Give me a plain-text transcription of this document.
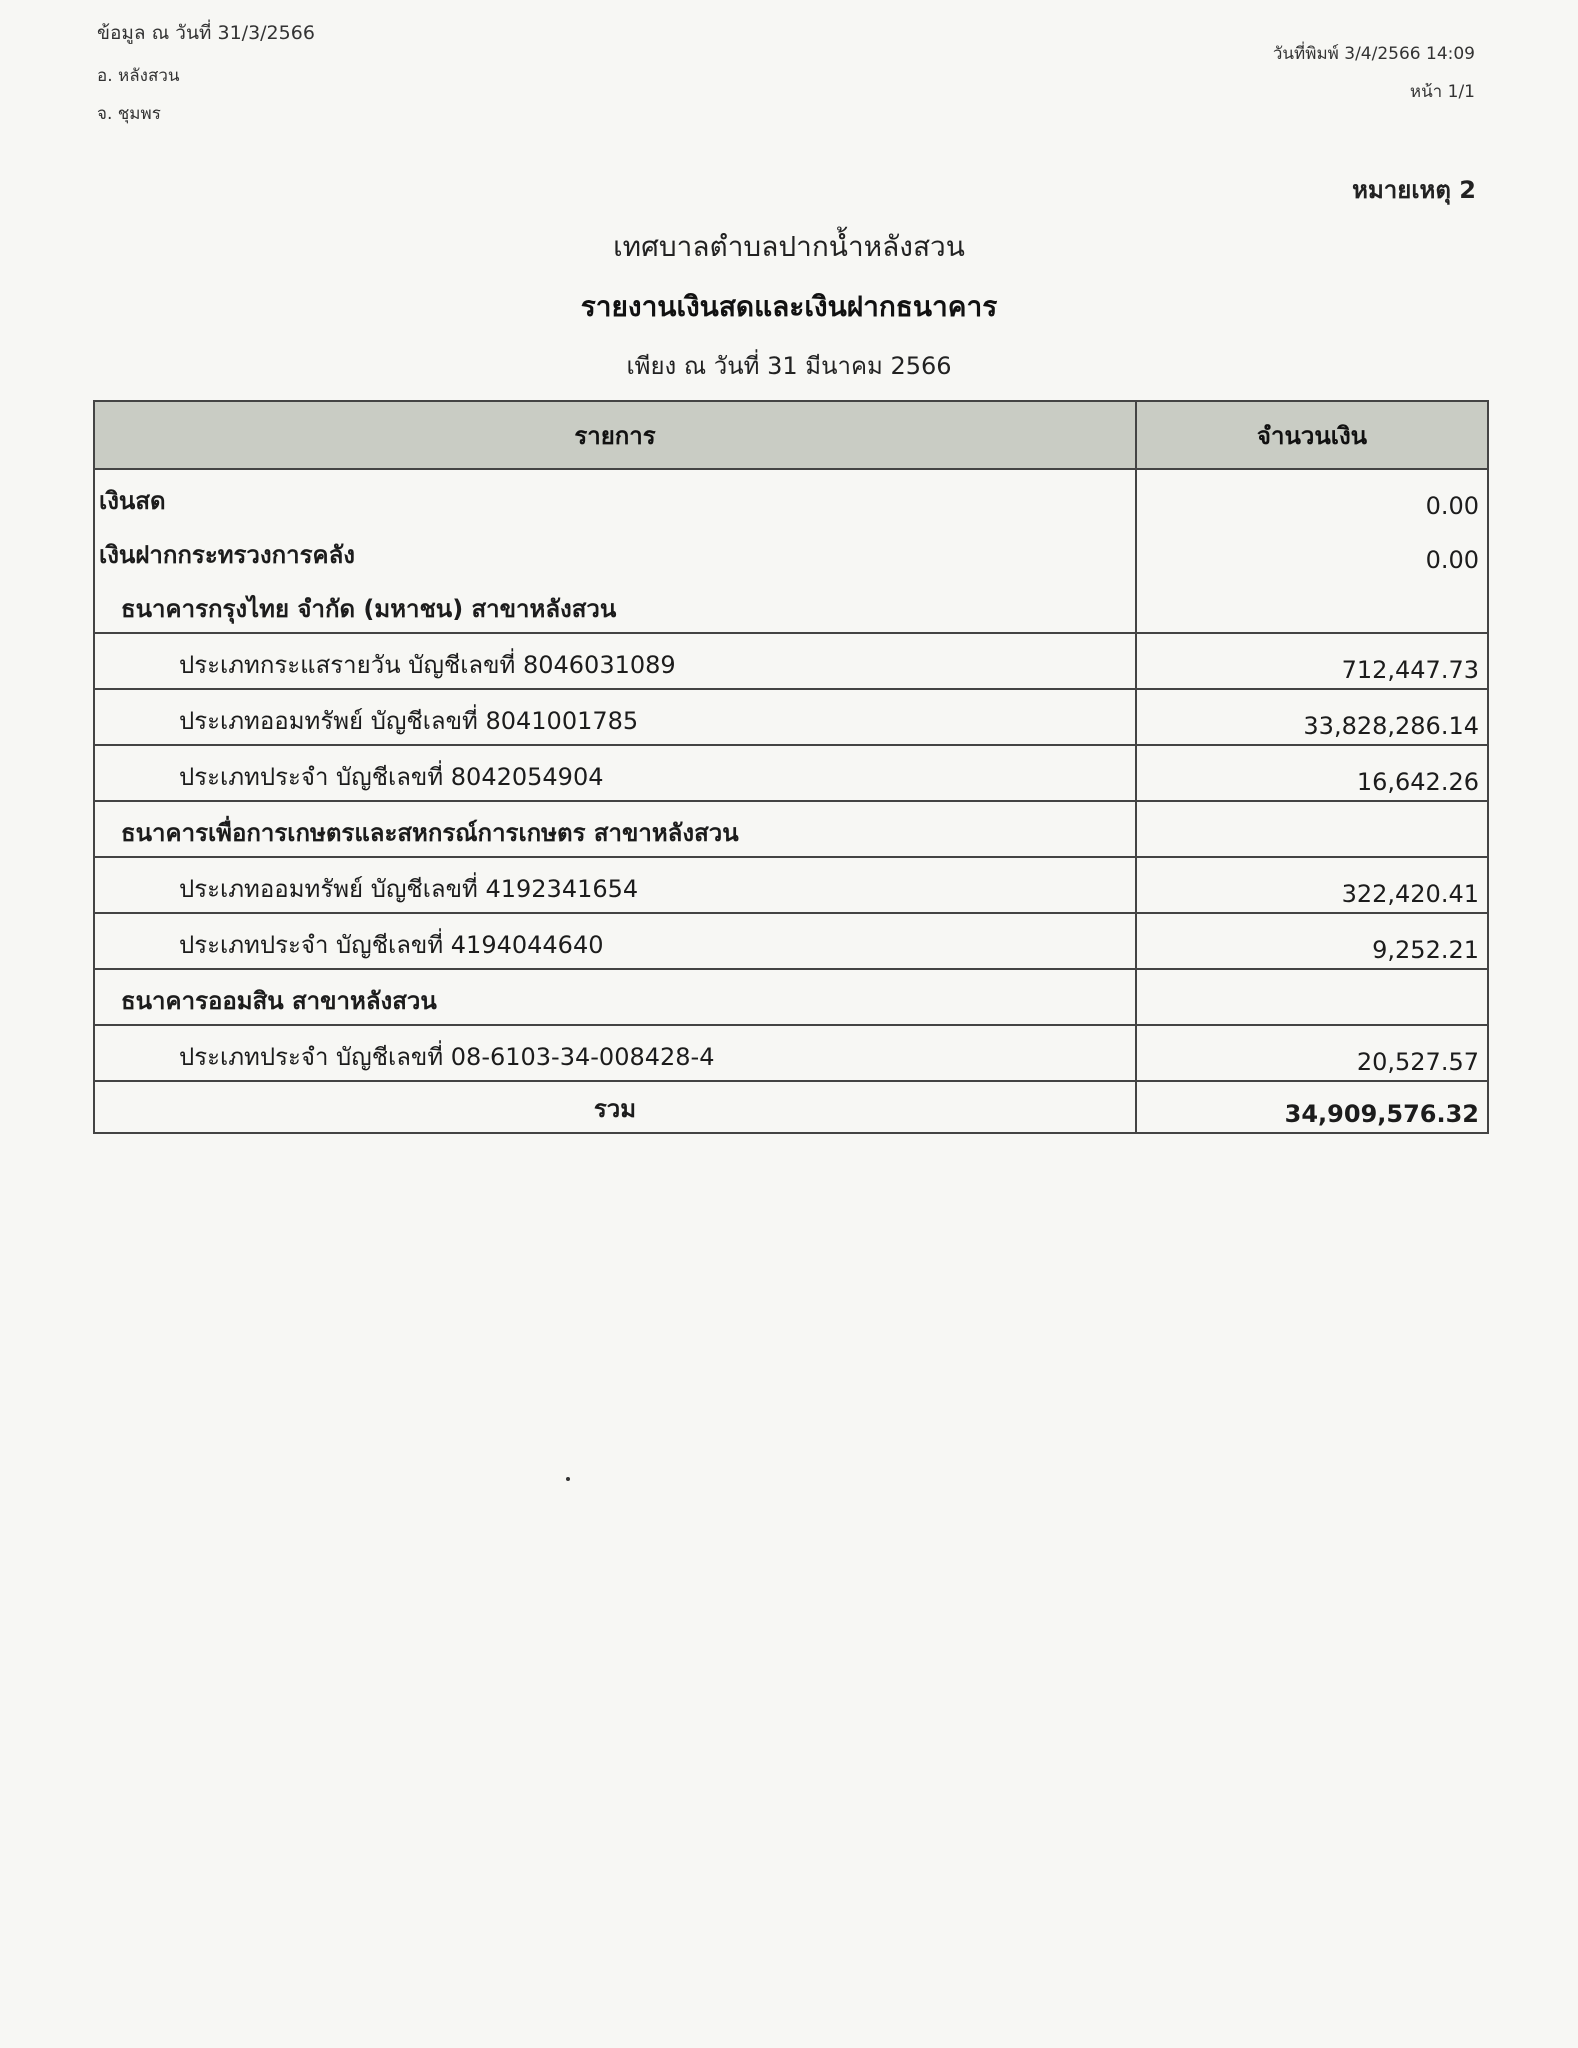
ข้อมูล ณ วันที่ 31/3/2566
อ. หลังสวน
จ. ชุมพร
วันที่พิมพ์ 3/4/2566 14:09
หน้า 1/1
หมายเหตุ 2
เทศบาลตำบลปากน้ำหลังสวน
รายงานเงินสดและเงินฝากธนาคาร
เพียง ณ วันที่ 31 มีนาคม 2566
รายการ	จำนวนเงิน
เงินสด	0.00
เงินฝากกระทรวงการคลัง	0.00
ธนาคารกรุงไทย จำกัด (มหาชน) สาขาหลังสวน	
ประเภทกระแสรายวัน บัญชีเลขที่ 8046031089	712,447.73
ประเภทออมทรัพย์ บัญชีเลขที่ 8041001785	33,828,286.14
ประเภทประจำ บัญชีเลขที่ 8042054904	16,642.26
ธนาคารเพื่อการเกษตรและสหกรณ์การเกษตร สาขาหลังสวน	
ประเภทออมทรัพย์ บัญชีเลขที่ 4192341654	322,420.41
ประเภทประจำ บัญชีเลขที่ 4194044640	9,252.21
ธนาคารออมสิน สาขาหลังสวน	
ประเภทประจำ บัญชีเลขที่ 08-6103-34-008428-4	20,527.57
รวม	34,909,576.32
